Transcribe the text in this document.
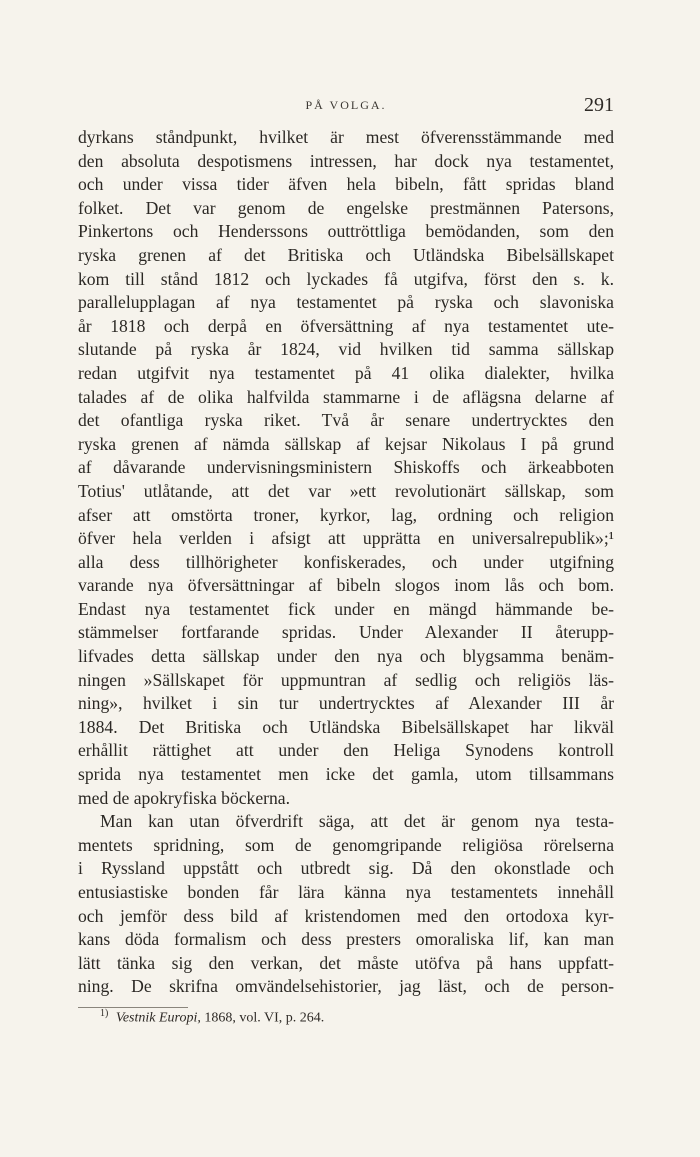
PÅ VOLGA.	291
dyrkans ståndpunkt, hvilket är mest öfverensstämmande med
den absoluta despotismens intressen, har dock nya testamentet,
och under vissa tider äfven hela bibeln, fått spridas bland
folket. Det var genom de engelske prestmännen Patersons,
Pinkertons och Henderssons outtröttliga bemödanden, som den
ryska grenen af det Britiska och Utländska Bibelsällskapet
kom till stånd 1812 och lyckades få utgifva, först den s. k.
parallelupplagan af nya testamentet på ryska och slavoniska
år 1818 och derpå en öfversättning af nya testamentet ute-
slutande på ryska år 1824, vid hvilken tid samma sällskap
redan utgifvit nya testamentet på 41 olika dialekter, hvilka
talades af de olika halfvilda stammarne i de aflägsna delarne af
det ofantliga ryska riket. Två år senare undertrycktes den
ryska grenen af nämda sällskap af kejsar Nikolaus I på grund
af dåvarande undervisningsministern Shiskoffs och ärkeabboten
Totius' utlåtande, att det var »ett revolutionärt sällskap, som
afser att omstörta troner, kyrkor, lag, ordning och religion
öfver hela verlden i afsigt att upprätta en universalrepublik»;¹
alla dess tillhörigheter konfiskerades, och under utgifning
varande nya öfversättningar af bibeln slogos inom lås och bom.
Endast nya testamentet fick under en mängd hämmande be-
stämmelser fortfarande spridas. Under Alexander II återupp-
lifvades detta sällskap under den nya och blygsamma benäm-
ningen »Sällskapet för uppmuntran af sedlig och religiös läs-
ning», hvilket i sin tur undertrycktes af Alexander III år
1884. Det Britiska och Utländska Bibelsällskapet har likväl
erhållit rättighet att under den Heliga Synodens kontroll
sprida nya testamentet men icke det gamla, utom tillsammans
med de apokryfiska böckerna.
Man kan utan öfverdrift säga, att det är genom nya testa-
mentets spridning, som de genomgripande religiösa rörelserna
i Ryssland uppstått och utbredt sig. Då den okonstlade och
entusiastiske bonden får lära känna nya testamentets innehåll
och jemför dess bild af kristendomen med den ortodoxa kyr-
kans döda formalism och dess presters omoraliska lif, kan man
lätt tänka sig den verkan, det måste utöfva på hans uppfatt-
ning. De skrifna omvändelsehistorier, jag läst, och de person-
$^{1)}$ Vestnik Europi, 1868, vol. VI, p. 264.
